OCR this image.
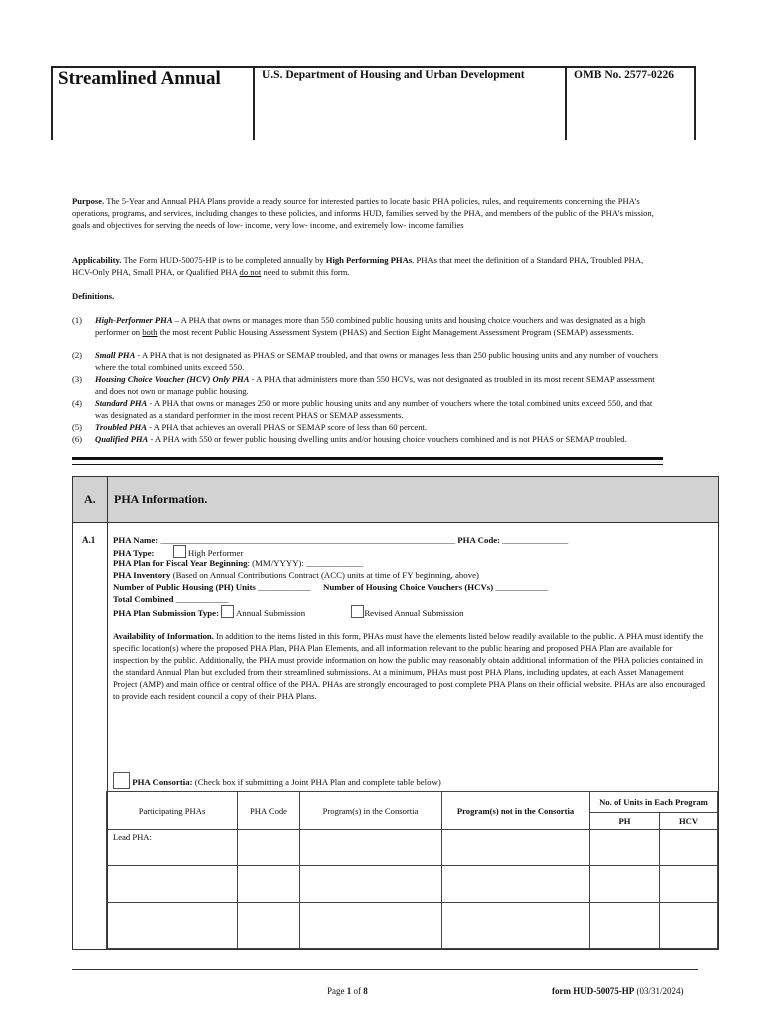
Streamlined Annual	U.S. Department of Housing and Urban Development	OMB No. 2577-0226
Purpose. The 5-Year and Annual PHA Plans provide a ready source for interested parties to locate basic PHA policies, rules, and requirements concerning the PHA’s operations, programs, and services, including changes to these policies, and informs HUD, families served by the PHA, and members of the public of the PHA’s mission, goals and objectives for serving the needs of low- income, very low- income, and extremely low- income families
Applicability. The Form HUD-50075-HP is to be completed annually by High Performing PHAs. PHAs that meet the definition of a Standard PHA, Troubled PHA, HCV-Only PHA, Small PHA, or Qualified PHA do not need to submit this form.
Definitions.
(1) High-Performer PHA – A PHA that owns or manages more than 550 combined public housing units and housing choice vouchers and was designated as a high performer on both the most recent Public Housing Assessment System (PHAS) and Section Eight Management Assessment Program (SEMAP) assessments.
(2) Small PHA - A PHA that is not designated as PHAS or SEMAP troubled, and that owns or manages less than 250 public housing units and any number of vouchers where the total combined units exceed 550.
(3) Housing Choice Voucher (HCV) Only PHA - A PHA that administers more than 550 HCVs, was not designated as troubled in its most recent SEMAP assessment and does not own or manage public housing.
(4) Standard PHA - A PHA that owns or manages 250 or more public housing units and any number of vouchers where the total combined units exceed 550, and that was designated as a standard performer in the most recent PHAS or SEMAP assessments.
(5) Troubled PHA - A PHA that achieves an overall PHAS or SEMAP score of less than 60 percent.
(6) Qualified PHA - A PHA with 550 or fewer public housing dwelling units and/or housing choice vouchers combined and is not PHAS or SEMAP troubled.
A. PHA Information.
A.1 PHA Name: ___________________________________________________________________ PHA Code: _______________
PHA Type:	High Performer
PHA Plan for Fiscal Year Beginning: (MM/YYYY): _____________
PHA Inventory (Based on Annual Contributions Contract (ACC) units at time of FY beginning, above)
Number of Public Housing (PH) Units ____________ Number of Housing Choice Vouchers (HCVs) ____________
Total Combined ____________
PHA Plan Submission Type: Annual Submission	Revised Annual Submission
Availability of Information. In addition to the items listed in this form, PHAs must have the elements listed below readily available to the public. A PHA must identify the specific location(s) where the proposed PHA Plan, PHA Plan Elements, and all information relevant to the public hearing and proposed PHA Plan are available for inspection by the public. Additionally, the PHA must provide information on how the public may reasonably obtain additional information of the PHA policies contained in the standard Annual Plan but excluded from their streamlined submissions. At a minimum, PHAs must post PHA Plans, including updates, at each Asset Management Project (AMP) and main office or central office of the PHA. PHAs are strongly encouraged to post complete PHA Plans on their official website. PHAs are also encouraged to provide each resident council a copy of their PHA Plans.
PHA Consortia: (Check box if submitting a Joint PHA Plan and complete table below)
Participating PHAs	PHA Code	Program(s) in the Consortia	Program(s) not in the Consortia	No. of Units in Each Program	
				PH	HCV
Lead PHA:					

Page 1 of 8	form HUD-50075-HP (03/31/2024)
